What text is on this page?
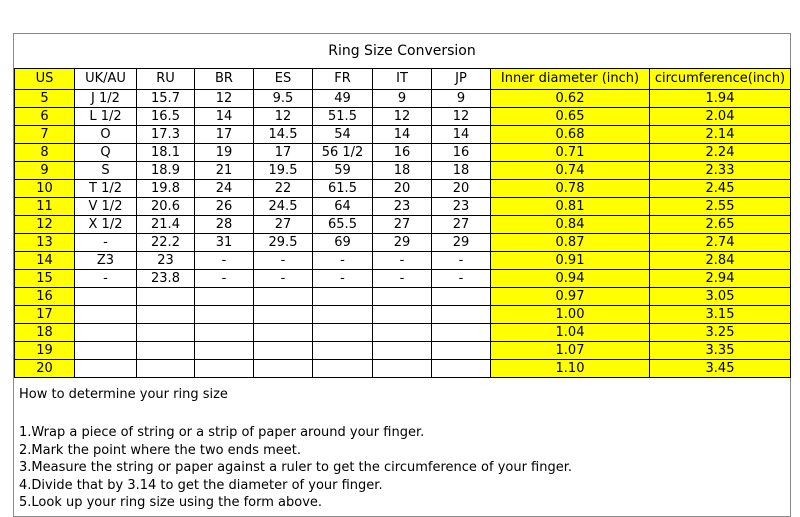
Ring Size Conversion
US	UK/AU	RU	BR	ES	FR	IT	JP	Inner diameter (inch)	circumference(inch)
5	J 1/2	15.7	12	9.5	49	9	9	0.62	1.94
6	L 1/2	16.5	14	12	51.5	12	12	0.65	2.04
7	O	17.3	17	14.5	54	14	14	0.68	2.14
8	Q	18.1	19	17	56 1/2	16	16	0.71	2.24
9	S	18.9	21	19.5	59	18	18	0.74	2.33
10	T 1/2	19.8	24	22	61.5	20	20	0.78	2.45
11	V 1/2	20.6	26	24.5	64	23	23	0.81	2.55
12	X 1/2	21.4	28	27	65.5	27	27	0.84	2.65
13	-	22.2	31	29.5	69	29	29	0.87	2.74
14	Z3	23	-	-	-	-	-	0.91	2.84
15	-	23.8	-	-	-	-	-	0.94	2.94
16								0.97	3.05
17								1.00	3.15
18								1.04	3.25
19								1.07	3.35
20								1.10	3.45
How to determine your ring size
1.Wrap a piece of string or a strip of paper around your finger.
2.Mark the point where the two ends meet.
3.Measure the string or paper against a ruler to get the circumference of your finger.
4.Divide that by 3.14 to get the diameter of your finger.
5.Look up your ring size using the form above.
